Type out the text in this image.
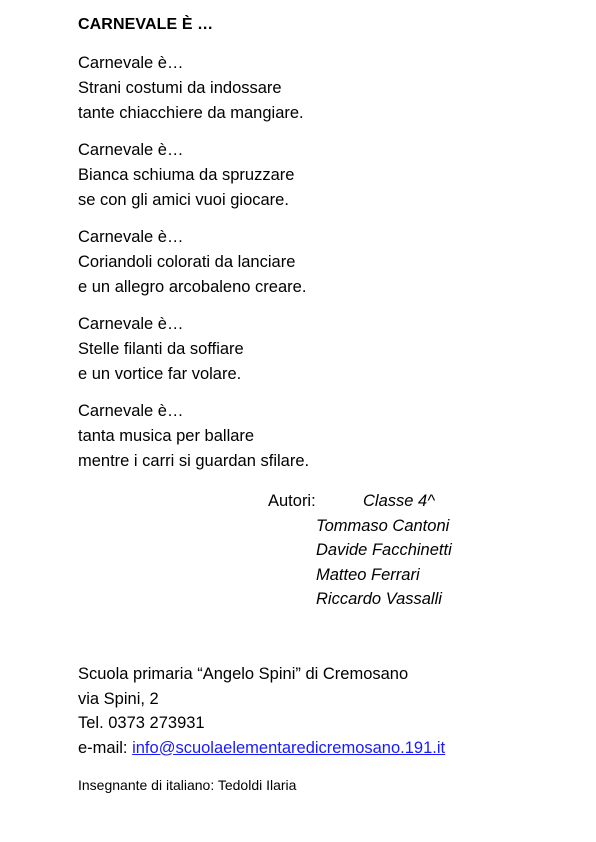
CARNEVALE È …
Carnevale è…
Strani costumi da indossare
tante chiacchiere da mangiare.
Carnevale è…
Bianca schiuma da spruzzare
se con gli amici vuoi giocare.
Carnevale è…
Coriandoli colorati da lanciare
e un allegro arcobaleno creare.
Carnevale è…
Stelle filanti da soffiare
e un vortice far volare.
Carnevale è…
tanta musica per ballare
mentre i carri si guardan sfilare.
Autori:	Classe 4^
Tommaso Cantoni
Davide Facchinetti
Matteo Ferrari
Riccardo Vassalli
Scuola primaria “Angelo Spini” di Cremosano
via Spini, 2
Tel. 0373 273931
e-mail: info@scuolaelementaredicremosano.191.it
Insegnante di italiano: Tedoldi Ilaria
